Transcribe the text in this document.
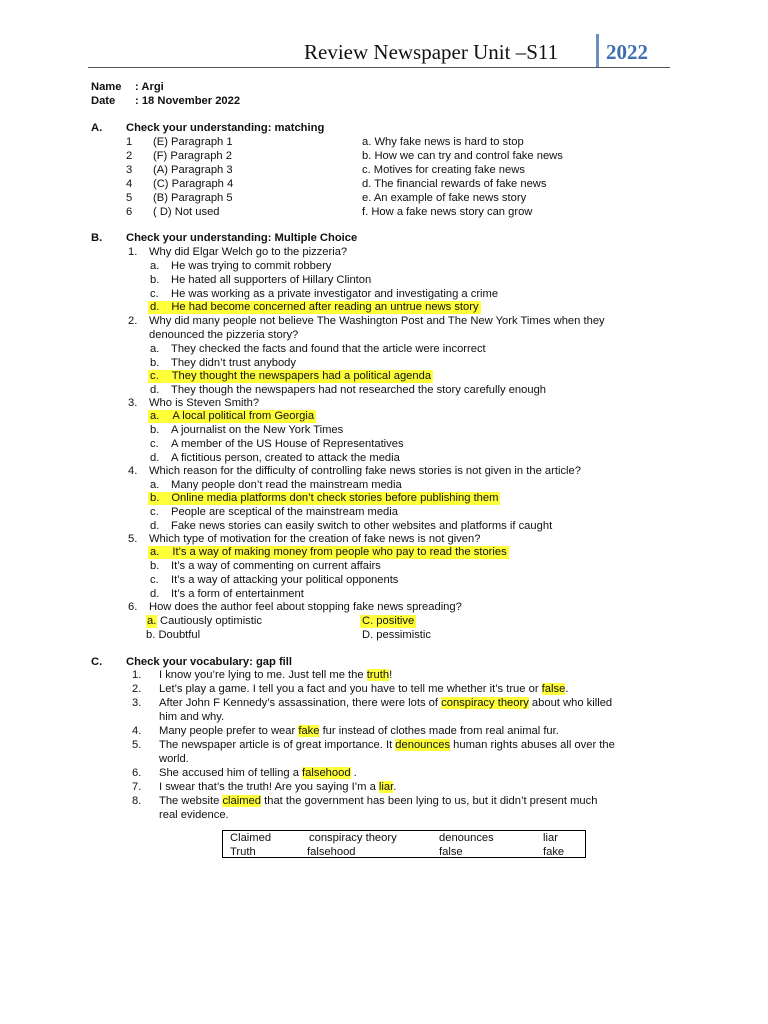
Review Newspaper Unit –S11 2022
Name : Argi
Date : 18 November 2022
A. Check your understanding: matching
1 (E) Paragraph 1	a. Why fake news is hard to stop
2 (F) Paragraph 2	b. How we can try and control fake news
3 (A) Paragraph 3	c. Motives for creating fake news
4 (C) Paragraph 4	d. The financial rewards of fake news
5 (B) Paragraph 5	e. An example of fake news story
6 ( D) Not used	f. How a fake news story can grow
B. Check your understanding: Multiple Choice
1. Why did Elgar Welch go to the pizzeria?
a. He was trying to commit robbery
b. He hated all supporters of Hillary Clinton
c. He was working as a private investigator and investigating a crime
d. He had become concerned after reading an untrue news story
2. Why did many people not believe The Washington Post and The New York Times when they
denounced the pizzeria story?
a. They checked the facts and found that the article were incorrect
b. They didn’t trust anybody
c. They thought the newspapers had a political agenda
d. They though the newspapers had not researched the story carefully enough
3. Who is Steven Smith?
a. A local political from Georgia
b. A journalist on the New York Times
c. A member of the US House of Representatives
d. A fictitious person, created to attack the media
4. Which reason for the difficulty of controlling fake news stories is not given in the article?
a. Many people don’t read the mainstream media
b. Online media platforms don’t check stories before publishing them
c. People are sceptical of the mainstream media
d. Fake news stories can easily switch to other websites and platforms if caught
5. Which type of motivation for the creation of fake news is not given?
a. It’s a way of making money from people who pay to read the stories
b. It’s a way of commenting on current affairs
c. It’s a way of attacking your political opponents
d. It’s a form of entertainment
6. How does the author feel about stopping fake news spreading?
a. Cautiously optimistic	C. positive
b. Doubtful	D. pessimistic
C. Check your vocabulary: gap fill
1. I know you’re lying to me. Just tell me the truth!
2. Let’s play a game. I tell you a fact and you have to tell me whether it’s true or false.
3. After John F Kennedy’s assassination, there were lots of conspiracy theory about who killed
him and why.
4. Many people prefer to wear fake fur instead of clothes made from real animal fur.
5. The newspaper article is of great importance. It denounces human rights abuses all over the
world.
6. She accused him of telling a falsehood .
7. I swear that’s the truth! Are you saying I’m a liar.
8. The website claimed that the government has been lying to us, but it didn’t present much
real evidence.
Claimed	conspiracy theory	denounces	liar
Truth	falsehood	false	fake
